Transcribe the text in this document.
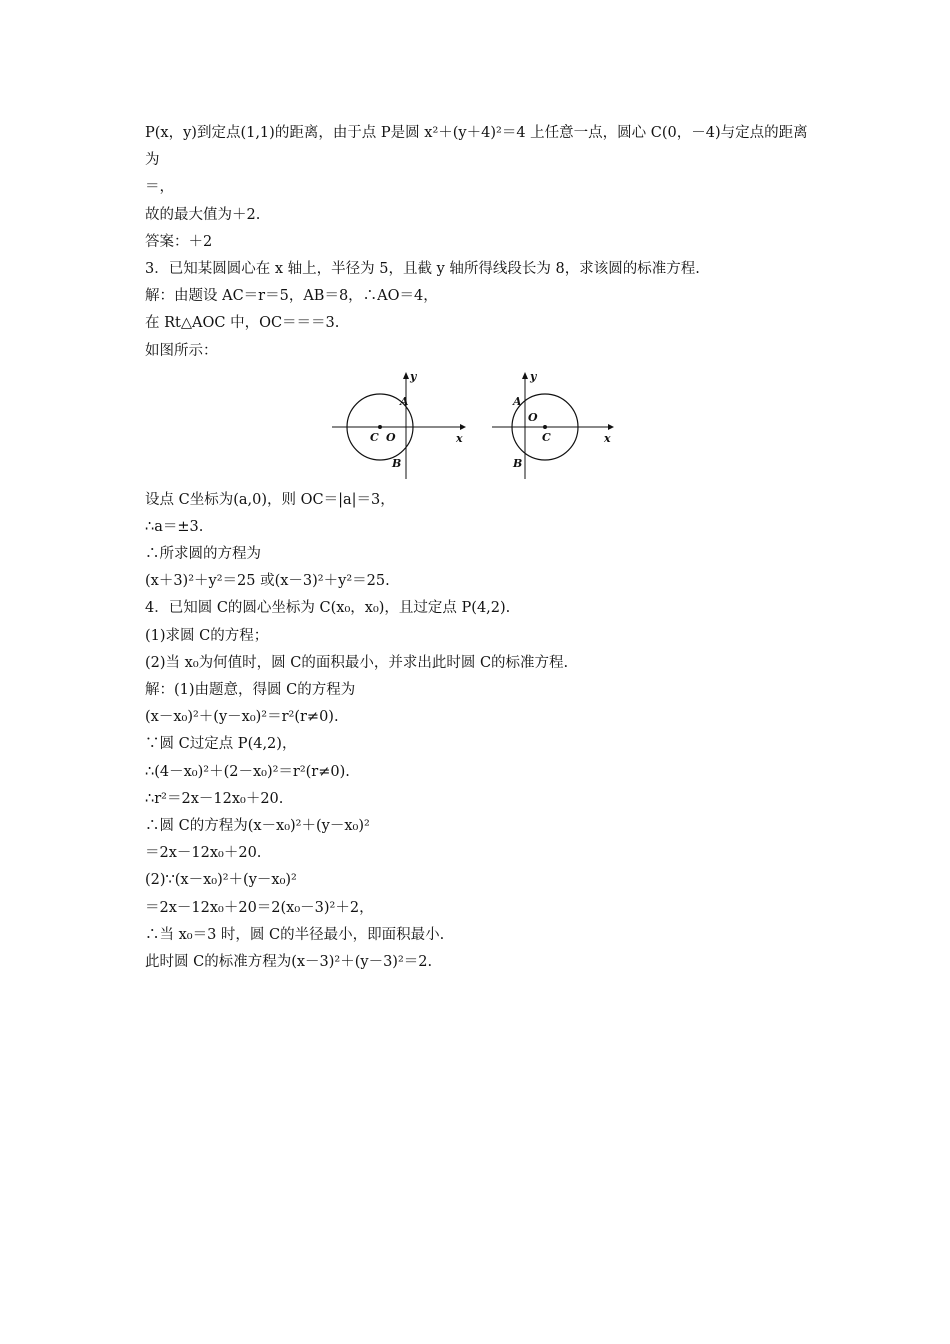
P(x，y)到定点(1,1)的距离，由于点 P是圆 x²＋(y＋4)²＝4 上任意一点，圆心 C(0，－4)与定点的距离为
＝，
故的最大值为＋2.
答案：＋2
3．已知某圆圆心在 x 轴上，半径为 5，且截 y 轴所得线段长为 8，求该圆的标准方程.
解：由题设 AC＝r＝5，AB＝8，∴AO＝4，
在 Rt△AOC 中，OC＝＝＝3.
如图所示：
y
x
A
B
C O
y
x
A
B
C
O
设点 C坐标为(a,0)，则 OC＝|a|＝3，
∴a＝±3.
∴所求圆的方程为
(x＋3)²＋y²＝25 或(x－3)²＋y²＝25.
4．已知圆 C的圆心坐标为 C(x₀，x₀)，且过定点 P(4,2).
(1)求圆 C的方程；
(2)当 x₀为何值时，圆 C的面积最小，并求出此时圆 C的标准方程.
解：(1)由题意，得圆 C的方程为
(x－x₀)²＋(y－x₀)²＝r²(r≠0).
∵圆 C过定点 P(4,2)，
∴(4－x₀)²＋(2－x₀)²＝r²(r≠0).
∴r²＝2x－12x₀＋20.
∴圆 C的方程为(x－x₀)²＋(y－x₀)²
＝2x－12x₀＋20.
(2)∵(x－x₀)²＋(y－x₀)²
＝2x－12x₀＋20＝2(x₀－3)²＋2，
∴当 x₀＝3 时，圆 C的半径最小，即面积最小.
此时圆 C的标准方程为(x－3)²＋(y－3)²＝2.
